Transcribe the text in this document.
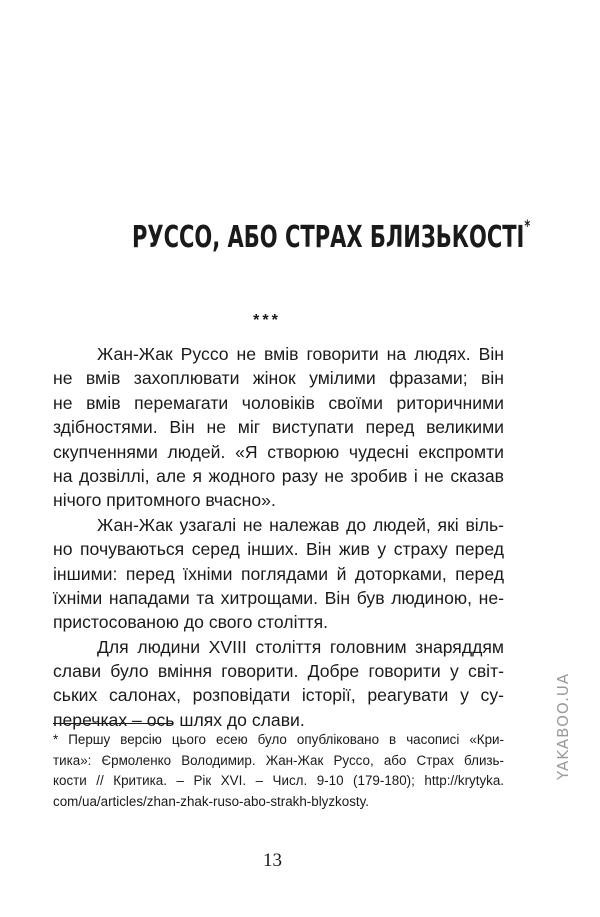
РУССО, АБО СТРАХ БЛИЗЬКОСТІ*
***
Жан-Жак Руссо не вмів говорити на людях. Він
не вмів захоплювати жінок умілими фразами; він
не вмів перемагати чоловіків своїми риторичними
здібностями. Він не міг виступати перед великими
скупченнями людей. «Я створюю чудесні експромти
на дозвіллі, але я жодного разу не зробив і не сказав
нічого притомного вчасно».
Жан-Жак узагалі не належав до людей, які віль-
но почуваються серед інших. Він жив у страху перед
іншими: перед їхніми поглядами й доторками, перед
їхніми нападами та хитрощами. Він був людиною, не-
пристосованою до свого століття.
Для людини XVIII століття головним знаряддям
слави було вміння говорити. Добре говорити у світ-
ських салонах, розповідати історії, реагувати у су-
перечках – ось шлях до слави.
* Першу версію цього есею було опубліковано в часописі «Кри-
тика»: Єрмоленко Володимир. Жан-Жак Руссо, або Страх близь-
кости // Критика. – Рік XVI. – Числ. 9-10 (179-180); http://krytyka.
com/ua/articles/zhan-zhak-ruso-abo-strakh-blyzkosty.
13
YAKABOO.UA
